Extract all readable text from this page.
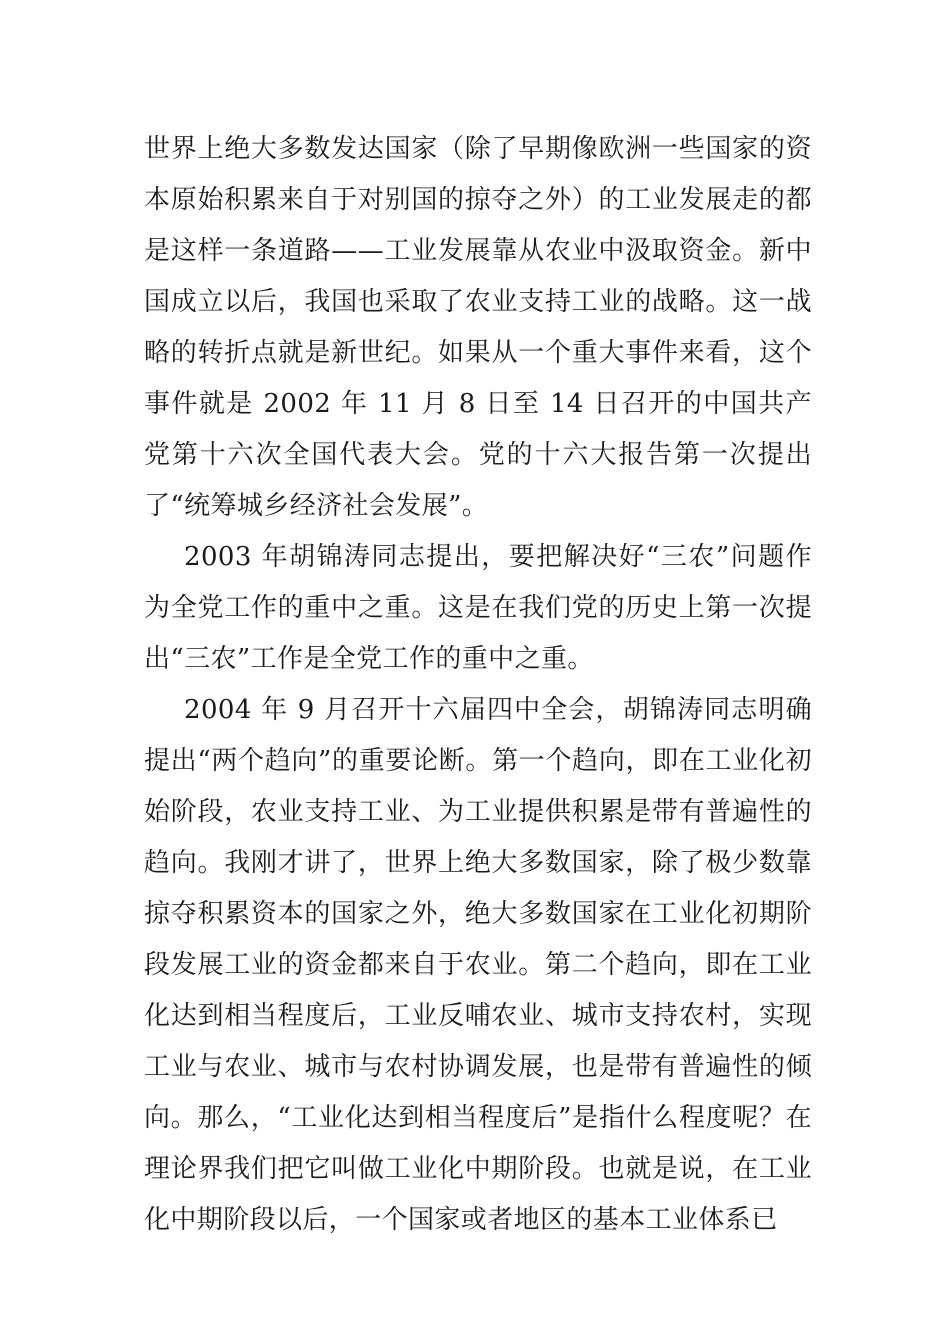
世界上绝大多数发达国家（除了早期像欧洲一些国家的资本原始积累来自于对别国的掠夺之外）的工业发展走的都是这样一条道路——工业发展靠从农业中汲取资金。新中国成立以后，我国也采取了农业支持工业的战略。这一战略的转折点就是新世纪。如果从一个重大事件来看，这个事件就是 2002 年 11 月 8 日至 14 日召开的中国共产党第十六次全国代表大会。党的十六大报告第一次提出了“统筹城乡经济社会发展”。

2003 年胡锦涛同志提出，要把解决好“三农”问题作为全党工作的重中之重。这是在我们党的历史上第一次提出“三农”工作是全党工作的重中之重。

2004 年 9 月召开十六届四中全会，胡锦涛同志明确提出“两个趋向”的重要论断。第一个趋向，即在工业化初始阶段，农业支持工业、为工业提供积累是带有普遍性的趋向。我刚才讲了，世界上绝大多数国家，除了极少数靠掠夺积累资本的国家之外，绝大多数国家在工业化初期阶段发展工业的资金都来自于农业。第二个趋向，即在工业化达到相当程度后，工业反哺农业、城市支持农村，实现工业与农业、城市与农村协调发展，也是带有普遍性的倾向。那么，“工业化达到相当程度后”是指什么程度呢？在理论界我们把它叫做工业化中期阶段。也就是说，在工业化中期阶段以后，一个国家或者地区的基本工业体系已
